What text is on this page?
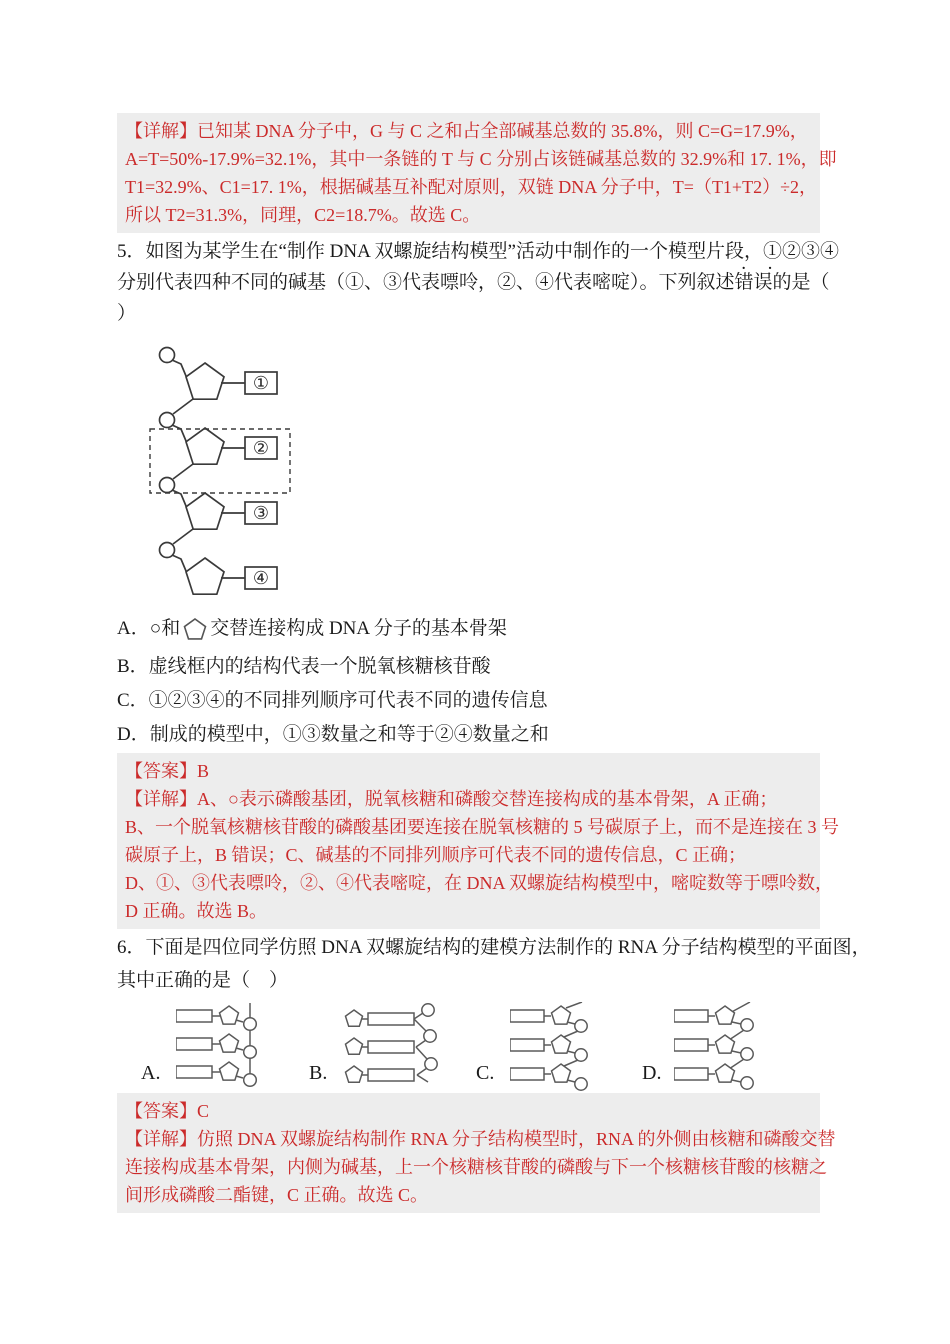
【详解】已知某 DNA 分子中，G 与 C 之和占全部碱基总数的 35.8%，则 C=G=17.9%，
A=T=50%-17.9%=32.1%，其中一条链的 T 与 C 分别占该链碱基总数的 32.9%和 17. 1%，即
T1=32.9%、C1=17. 1%，根据碱基互补配对原则，双链 DNA 分子中，T=（T1+T2）÷2，
所以 T2=31.3%，同理，C2=18.7%。故选 C。
5．如图为某学生在“制作 DNA 双螺旋结构模型”活动中制作的一个模型片段，①②③④
分别代表四种不同的碱基（①、③代表嘌呤，②、④代表嘧啶）。下列叙述·· 错误的是（
）
①
②
③
④
A．○和 交替连接构成 DNA 分子的基本骨架
B．虚线框内的结构代表一个脱氧核糖核苷酸
C．①②③④的不同排列顺序可代表不同的遗传信息
D．制成的模型中，①③数量之和等于②④数量之和
【答案】B
【详解】A、○表示磷酸基团，脱氧核糖和磷酸交替连接构成的基本骨架，A 正确；
B、一个脱氧核糖核苷酸的磷酸基团要连接在脱氧核糖的 5 号碳原子上，而不是连接在 3 号
碳原子上，B 错误；C、碱基的不同排列顺序可代表不同的遗传信息，C 正确；
D、①、③代表嘌呤，②、④代表嘧啶，在 DNA 双螺旋结构模型中，嘧啶数等于嘌呤数，
D 正确。故选 B。
6．下面是四位同学仿照 DNA 双螺旋结构的建模方法制作的 RNA 分子结构模型的平面图，
其中正确的是（　）
A.	B.	C.	D.
【答案】C
【详解】仿照 DNA 双螺旋结构制作 RNA 分子结构模型时，RNA 的外侧由核糖和磷酸交替
连接构成基本骨架，内侧为碱基，上一个核糖核苷酸的磷酸与下一个核糖核苷酸的核糖之
间形成磷酸二酯键，C 正确。故选 C。
